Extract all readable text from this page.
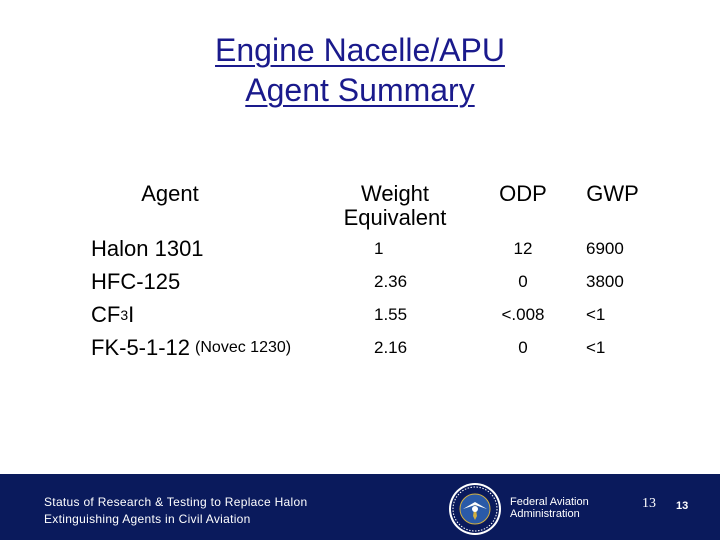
Engine Nacelle/APU
Agent Summary
Agent	Weight
Equivalent
ODP	GWP
Halon 1301
HFC-125
CF 3 I
FK-5-1-12 (Novec 1230)
1
2.36
1.55
2.16
12
0
<.008
0
6900
3800
<1
<1
Status of Research & Testing to Replace Halon
Extinguishing Agents in Civil Aviation
Federal Aviation
Administration
13 13
